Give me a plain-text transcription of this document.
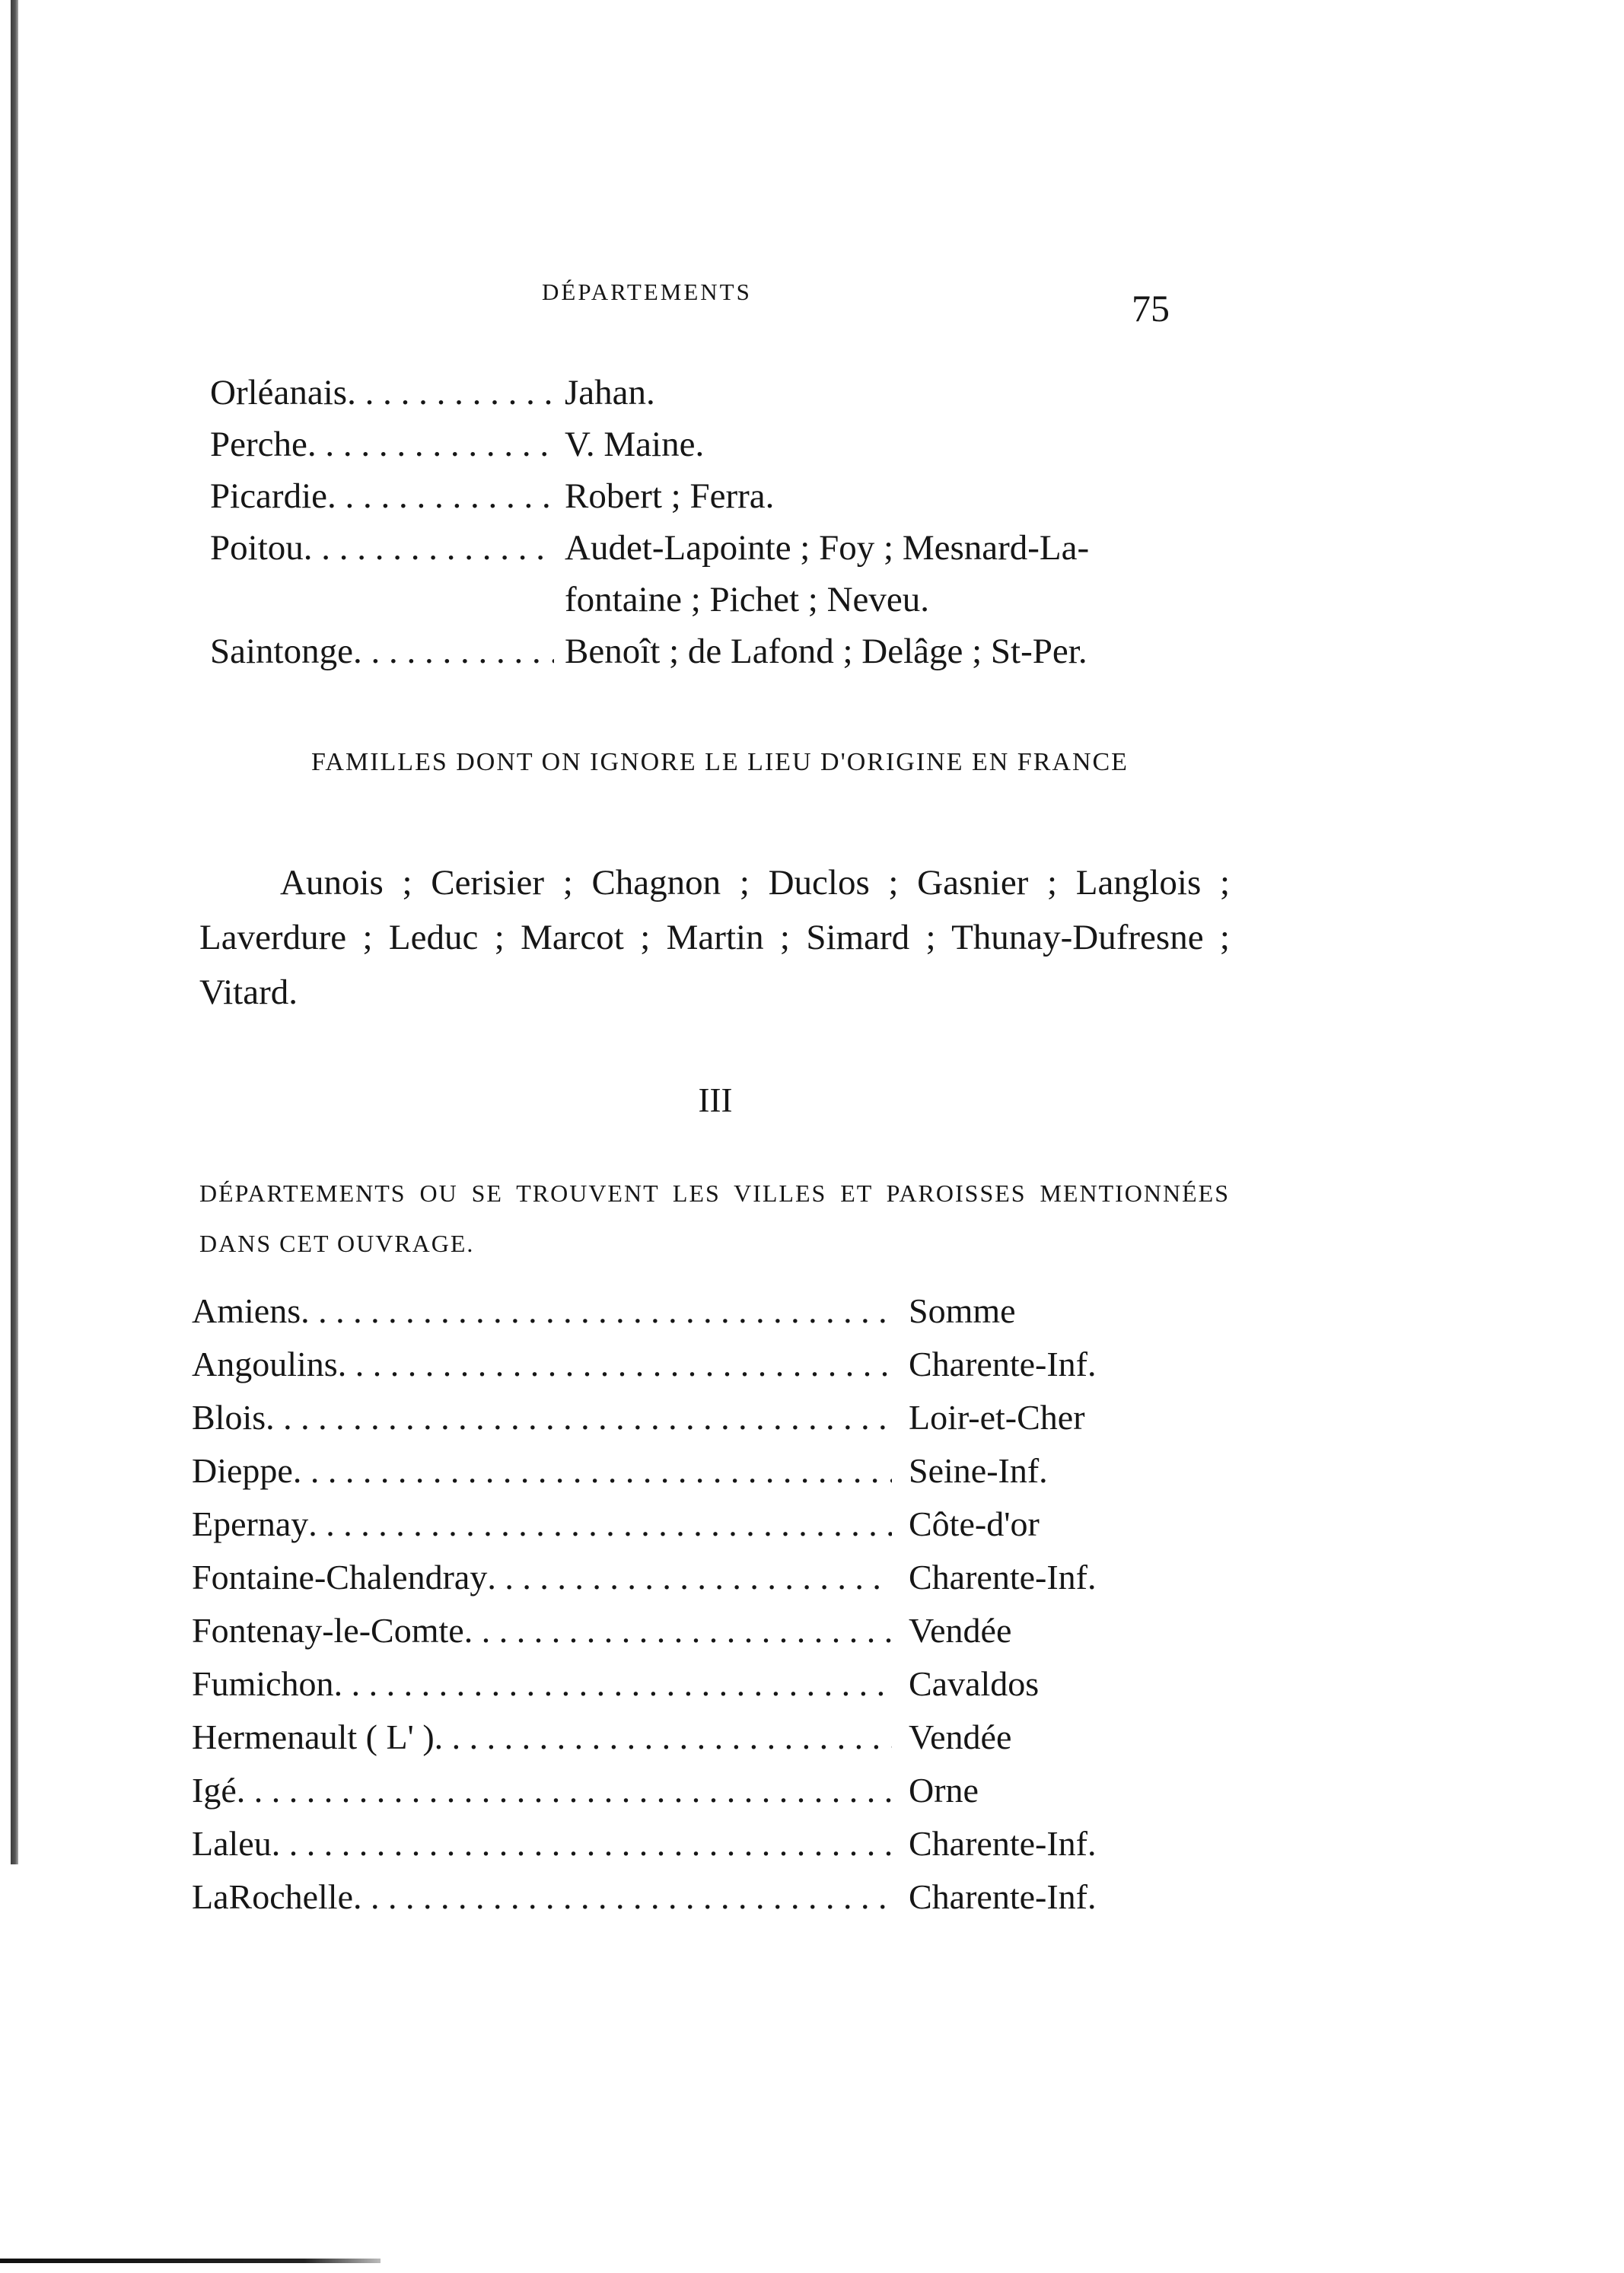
DÉPARTEMENTS	75
Orléanais . . .	Jahan.
Perche . . .	V. Maine.
Picardie . . .	Robert ; Ferra.
Poitou . . .	Audet-Lapointe ; Foy ; Mesnard-La-
fontaine ; Pichet ; Neveu.
Saintonge . . .	Benoît ; de Lafond ; Delâge ; St-Per.
FAMILLES DONT ON IGNORE LE LIEU D'ORIGINE EN FRANCE
Aunois ; Cerisier ; Chagnon ; Duclos ; Gasnier ; Langlois ; Laverdure ; Leduc ; Marcot ; Martin ; Simard ; Thunay-Dufresne ; Vitard.
III
DÉPARTEMENTS OU SE TROUVENT LES VILLES ET PAROISSES MENTIONNÉES DANS CET OUVRAGE.
Amiens . . .	Somme
Angoulins . . .	Charente-Inf.
Blois . . .	Loir-et-Cher
Dieppe . . .	Seine-Inf.
Epernay . . .	Côte-d'or
Fontaine-Chalendray . . .	Charente-Inf.
Fontenay-le-Comte . . .	Vendée
Fumichon . . .	Cavaldos
Hermenault ( L' ) . . .	Vendée
Igé . . .	Orne
Laleu . . .	Charente-Inf.
LaRochelle . . .	Charente-Inf.
